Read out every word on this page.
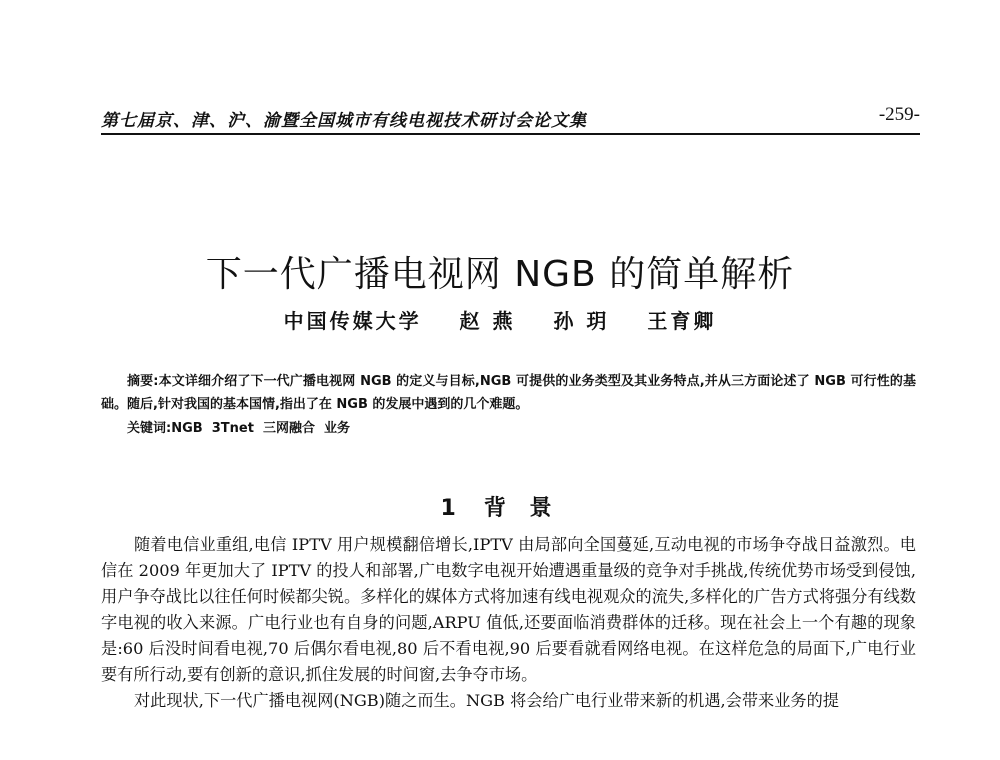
第七届京、津、沪、渝暨全国城市有线电视技术研讨会论文集	-259-
下一代广播电视网 NGB 的简单解析
中国传媒大学 赵 燕 孙 玥 王育卿

摘要:本文详细介绍了下一代广播电视网 NGB 的定义与目标,NGB 可提供的业务类型及其业务特点,并从三方面论述了 NGB 可行性的基础。随后,针对我国的基本国情,指出了在 NGB 的发展中遇到的几个难题。

关键词:NGB  3Tnet  三网融合  业务
1 背 景

随着电信业重组,电信 IPTV 用户规模翻倍增长,IPTV 由局部向全国蔓延,互动电视的市场争夺战日益激烈。电信在 2009 年更加大了 IPTV 的投人和部署,广电数字电视开始遭遇重量级的竞争对手挑战,传统优势市场受到侵蚀,用户争夺战比以往任何时候都尖锐。多样化的媒体方式将加速有线电视观众的流失,多样化的广告方式将强分有线数字电视的收入来源。广电行业也有自身的问题,ARPU 值低,还要面临消费群体的迁移。现在社会上一个有趣的现象是:60 后没时间看电视,70 后偶尔看电视,80 后不看电视,90 后要看就看网络电视。在这样危急的局面下,广电行业要有所行动,要有创新的意识,抓住发展的时间窗,去争夺市场。

对此现状,下一代广播电视网(NGB)随之而生。NGB 将会给广电行业带来新的机遇,会带来业务的提
